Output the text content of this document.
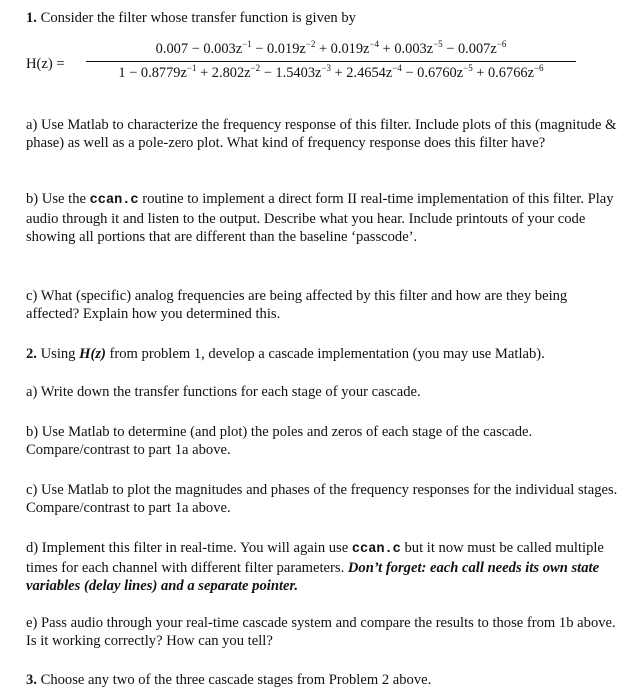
1. Consider the filter whose transfer function is given by

H(z) =
$0.007 - 0.003z^{-1} - 0.019z^{-2} + 0.019z^{-4} + 0.003z^{-5} - 0.007z^{-6}$
$1 - 0.8779z^{-1} + 2.802z^{-2} - 1.5403z^{-3} + 2.4654z^{-4} - 0.6760z^{-5} + 0.6766z^{-6}$

a) Use Matlab to characterize the frequency response of this filter. Include plots of this (magnitude & phase) as well as a pole-zero plot. What kind of frequency response does this filter have?

b) Use the ccan.c routine to implement a direct form II real-time implementation of this filter. Play audio through it and listen to the output. Describe what you hear. Include printouts of your code showing all portions that are different than the baseline ‘passcode’.

c) What (specific) analog frequencies are being affected by this filter and how are they being affected? Explain how you determined this.

2. Using H(z) from problem 1, develop a cascade implementation (you may use Matlab).

a) Write down the transfer functions for each stage of your cascade.

b) Use Matlab to determine (and plot) the poles and zeros of each stage of the cascade. Compare/contrast to part 1a above.

c) Use Matlab to plot the magnitudes and phases of the frequency responses for the individual stages. Compare/contrast to part 1a above.

d) Implement this filter in real-time. You will again use ccan.c but it now must be called multiple times for each channel with different filter parameters. Don’t forget: each call needs its own state variables (delay lines) and a separate pointer.

e) Pass audio through your real-time cascade system and compare the results to those from 1b above. Is it working correctly? How can you tell?

3. Choose any two of the three cascade stages from Problem 2 above.
